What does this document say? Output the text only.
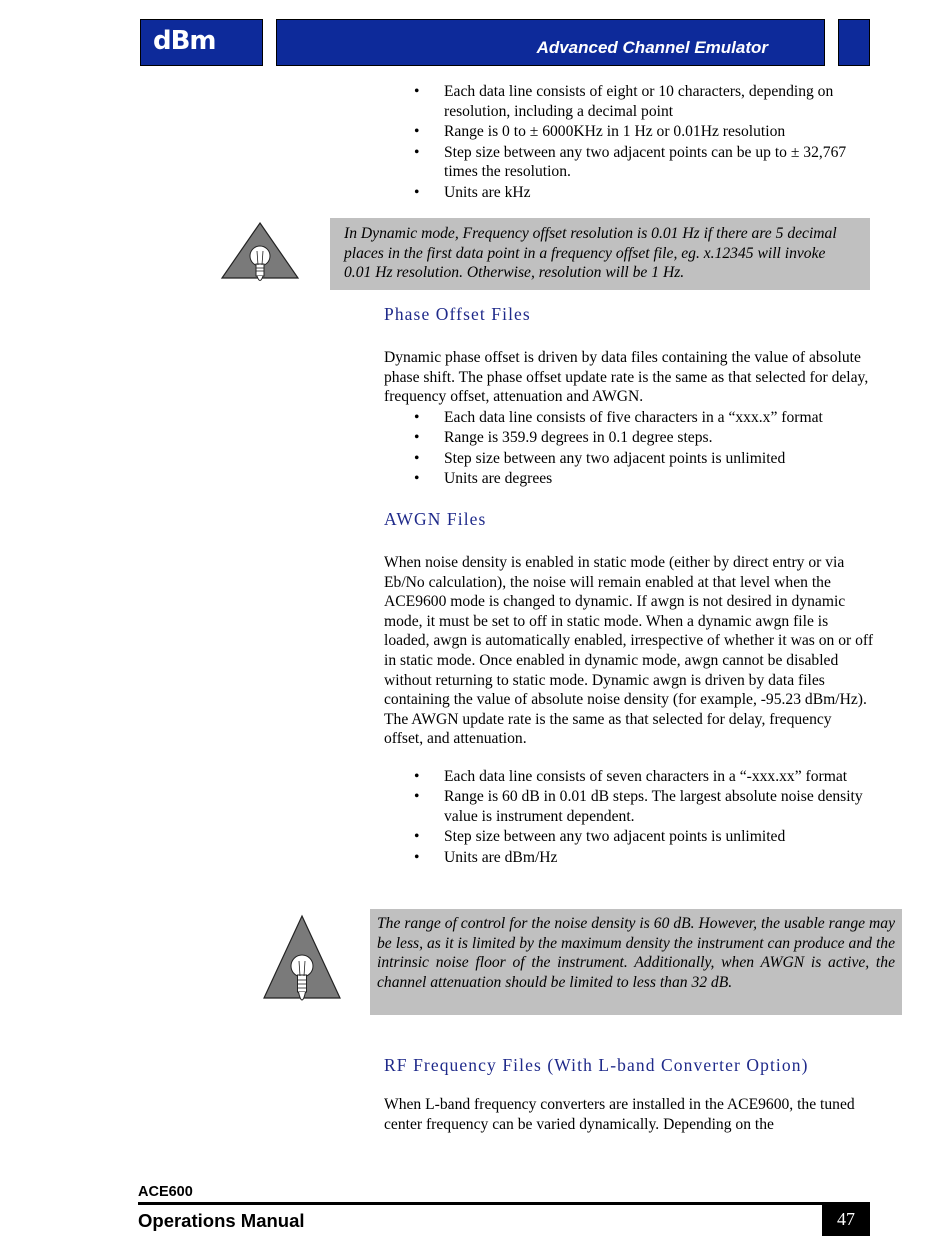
dBm	Advanced Channel Emulator
• Each data line consists of eight or 10 characters, depending on resolution, including a decimal point
• Range is 0 to ± 6000KHz in 1 Hz or 0.01Hz resolution
• Step size between any two adjacent points can be up to ± 32,767 times the resolution.
• Units are kHz
In Dynamic mode, Frequency offset resolution is 0.01 Hz if there are 5 decimal places in the first data point in a frequency offset file, eg. x.12345 will invoke 0.01 Hz resolution. Otherwise, resolution will be 1 Hz.
Phase Offset Files
Dynamic phase offset is driven by data files containing the value of absolute phase shift. The phase offset update rate is the same as that selected for delay, frequency offset, attenuation and AWGN.
• Each data line consists of five characters in a “xxx.x” format
• Range is 359.9 degrees in 0.1 degree steps.
• Step size between any two adjacent points is unlimited
• Units are degrees
AWGN Files
When noise density is enabled in static mode (either by direct entry or via Eb/No calculation), the noise will remain enabled at that level when the ACE9600 mode is changed to dynamic. If awgn is not desired in dynamic mode, it must be set to off in static mode. When a dynamic awgn file is loaded, awgn is automatically enabled, irrespective of whether it was on or off in static mode. Once enabled in dynamic mode, awgn cannot be disabled without returning to static mode. Dynamic awgn is driven by data files containing the value of absolute noise density (for example, -95.23 dBm/Hz). The AWGN update rate is the same as that selected for delay, frequency offset, and attenuation.
• Each data line consists of seven characters in a “-xxx.xx” format
• Range is 60 dB in 0.01 dB steps. The largest absolute noise density value is instrument dependent.
• Step size between any two adjacent points is unlimited
• Units are dBm/Hz
The range of control for the noise density is 60 dB. However, the usable range may be less, as it is limited by the maximum density the instrument can produce and the intrinsic noise floor of the instrument. Additionally, when AWGN is active, the channel attenuation should be limited to less than 32 dB.
RF Frequency Files (With L-band Converter Option)
When L-band frequency converters are installed in the ACE9600, the tuned center frequency can be varied dynamically. Depending on the
ACE600
Operations Manual	47
